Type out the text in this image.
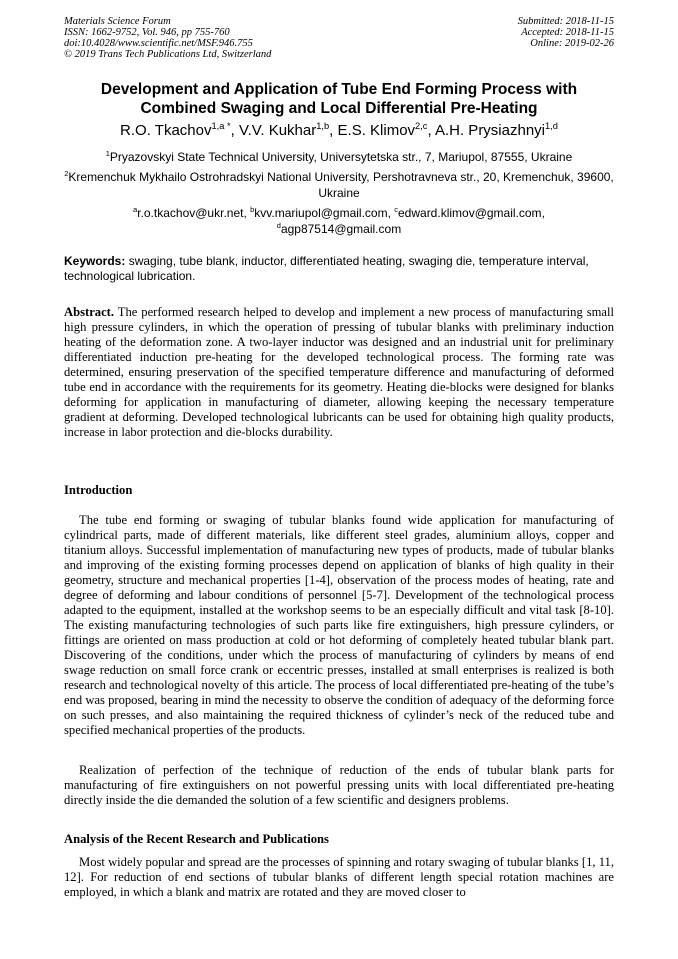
Materials Science Forum
ISSN: 1662-9752, Vol. 946, pp 755-760
doi:10.4028/www.scientific.net/MSF.946.755
© 2019 Trans Tech Publications Ltd, Switzerland
Submitted: 2018-11-15
Accepted: 2018-11-15
Online: 2019-02-26
Development and Application of Tube End Forming Process with
Combined Swaging and Local Differential Pre-Heating
R.O. Tkachov$^{1,a *}$, V.V. Kukhar$^{1,b}$, E.S. Klimov$^{2,c}$, A.H. Prysiazhnyi$^{1,d}$
$^1$Pryazovskyi State Technical University, Universytetska str., 7, Mariupol, 87555, Ukraine
$^2$Kremenchuk Mykhailo Ostrohradskyi National University, Pershotravneva str., 20, Kremenchuk, 39600, Ukraine
$^a$r.o.tkachov@ukr.net, $^b$kvv.mariupol@gmail.com, $^c$edward.klimov@gmail.com,
$^d$agp87514@gmail.com
Keywords: swaging, tube blank, inductor, differentiated heating, swaging die, temperature interval, technological lubrication.

Abstract. The performed research helped to develop and implement a new process of manufacturing small high pressure cylinders, in which the operation of pressing of tubular blanks with preliminary induction heating of the deformation zone. A two-layer inductor was designed and an industrial unit for preliminary differentiated induction pre-heating for the developed technological process. The forming rate was determined, ensuring preservation of the specified temperature difference and manufacturing of deformed tube end in accordance with the requirements for its geometry. Heating die-blocks were designed for blanks deforming for application in manufacturing of diameter, allowing keeping the necessary temperature gradient at deforming. Developed technological lubricants can be used for obtaining high quality products, increase in labor protection and die-blocks durability.

Introduction

The tube end forming or swaging of tubular blanks found wide application for manufacturing of cylindrical parts, made of different materials, like different steel grades, aluminium alloys, copper and titanium alloys. Successful implementation of manufacturing new types of products, made of tubular blanks and improving of the existing forming processes depend on application of blanks of high quality in their geometry, structure and mechanical properties [1-4], observation of the process modes of heating, rate and degree of deforming and labour conditions of personnel [5-7]. Development of the technological process adapted to the equipment, installed at the workshop seems to be an especially difficult and vital task [8-10]. The existing manufacturing technologies of such parts like fire extinguishers, high pressure cylinders, or fittings are oriented on mass production at cold or hot deforming of completely heated tubular blank part. Discovering of the conditions, under which the process of manufacturing of cylinders by means of end swage reduction on small force crank or eccentric presses, installed at small enterprises is realized is both research and technological novelty of this article. The process of local differentiated pre-heating of the tube’s end was proposed, bearing in mind the necessity to observe the condition of adequacy of the deforming force on such presses, and also maintaining the required thickness of cylinder’s neck of the reduced tube and specified mechanical properties of the products.

Realization of perfection of the technique of reduction of the ends of tubular blank parts for manufacturing of fire extinguishers on not powerful pressing units with local differentiated pre-heating directly inside the die demanded the solution of a few scientific and designers problems.

Analysis of the Recent Research and Publications

Most widely popular and spread are the processes of spinning and rotary swaging of tubular blanks [1, 11, 12]. For reduction of end sections of tubular blanks of different length special rotation machines are employed, in which a blank and matrix are rotated and they are moved closer to
